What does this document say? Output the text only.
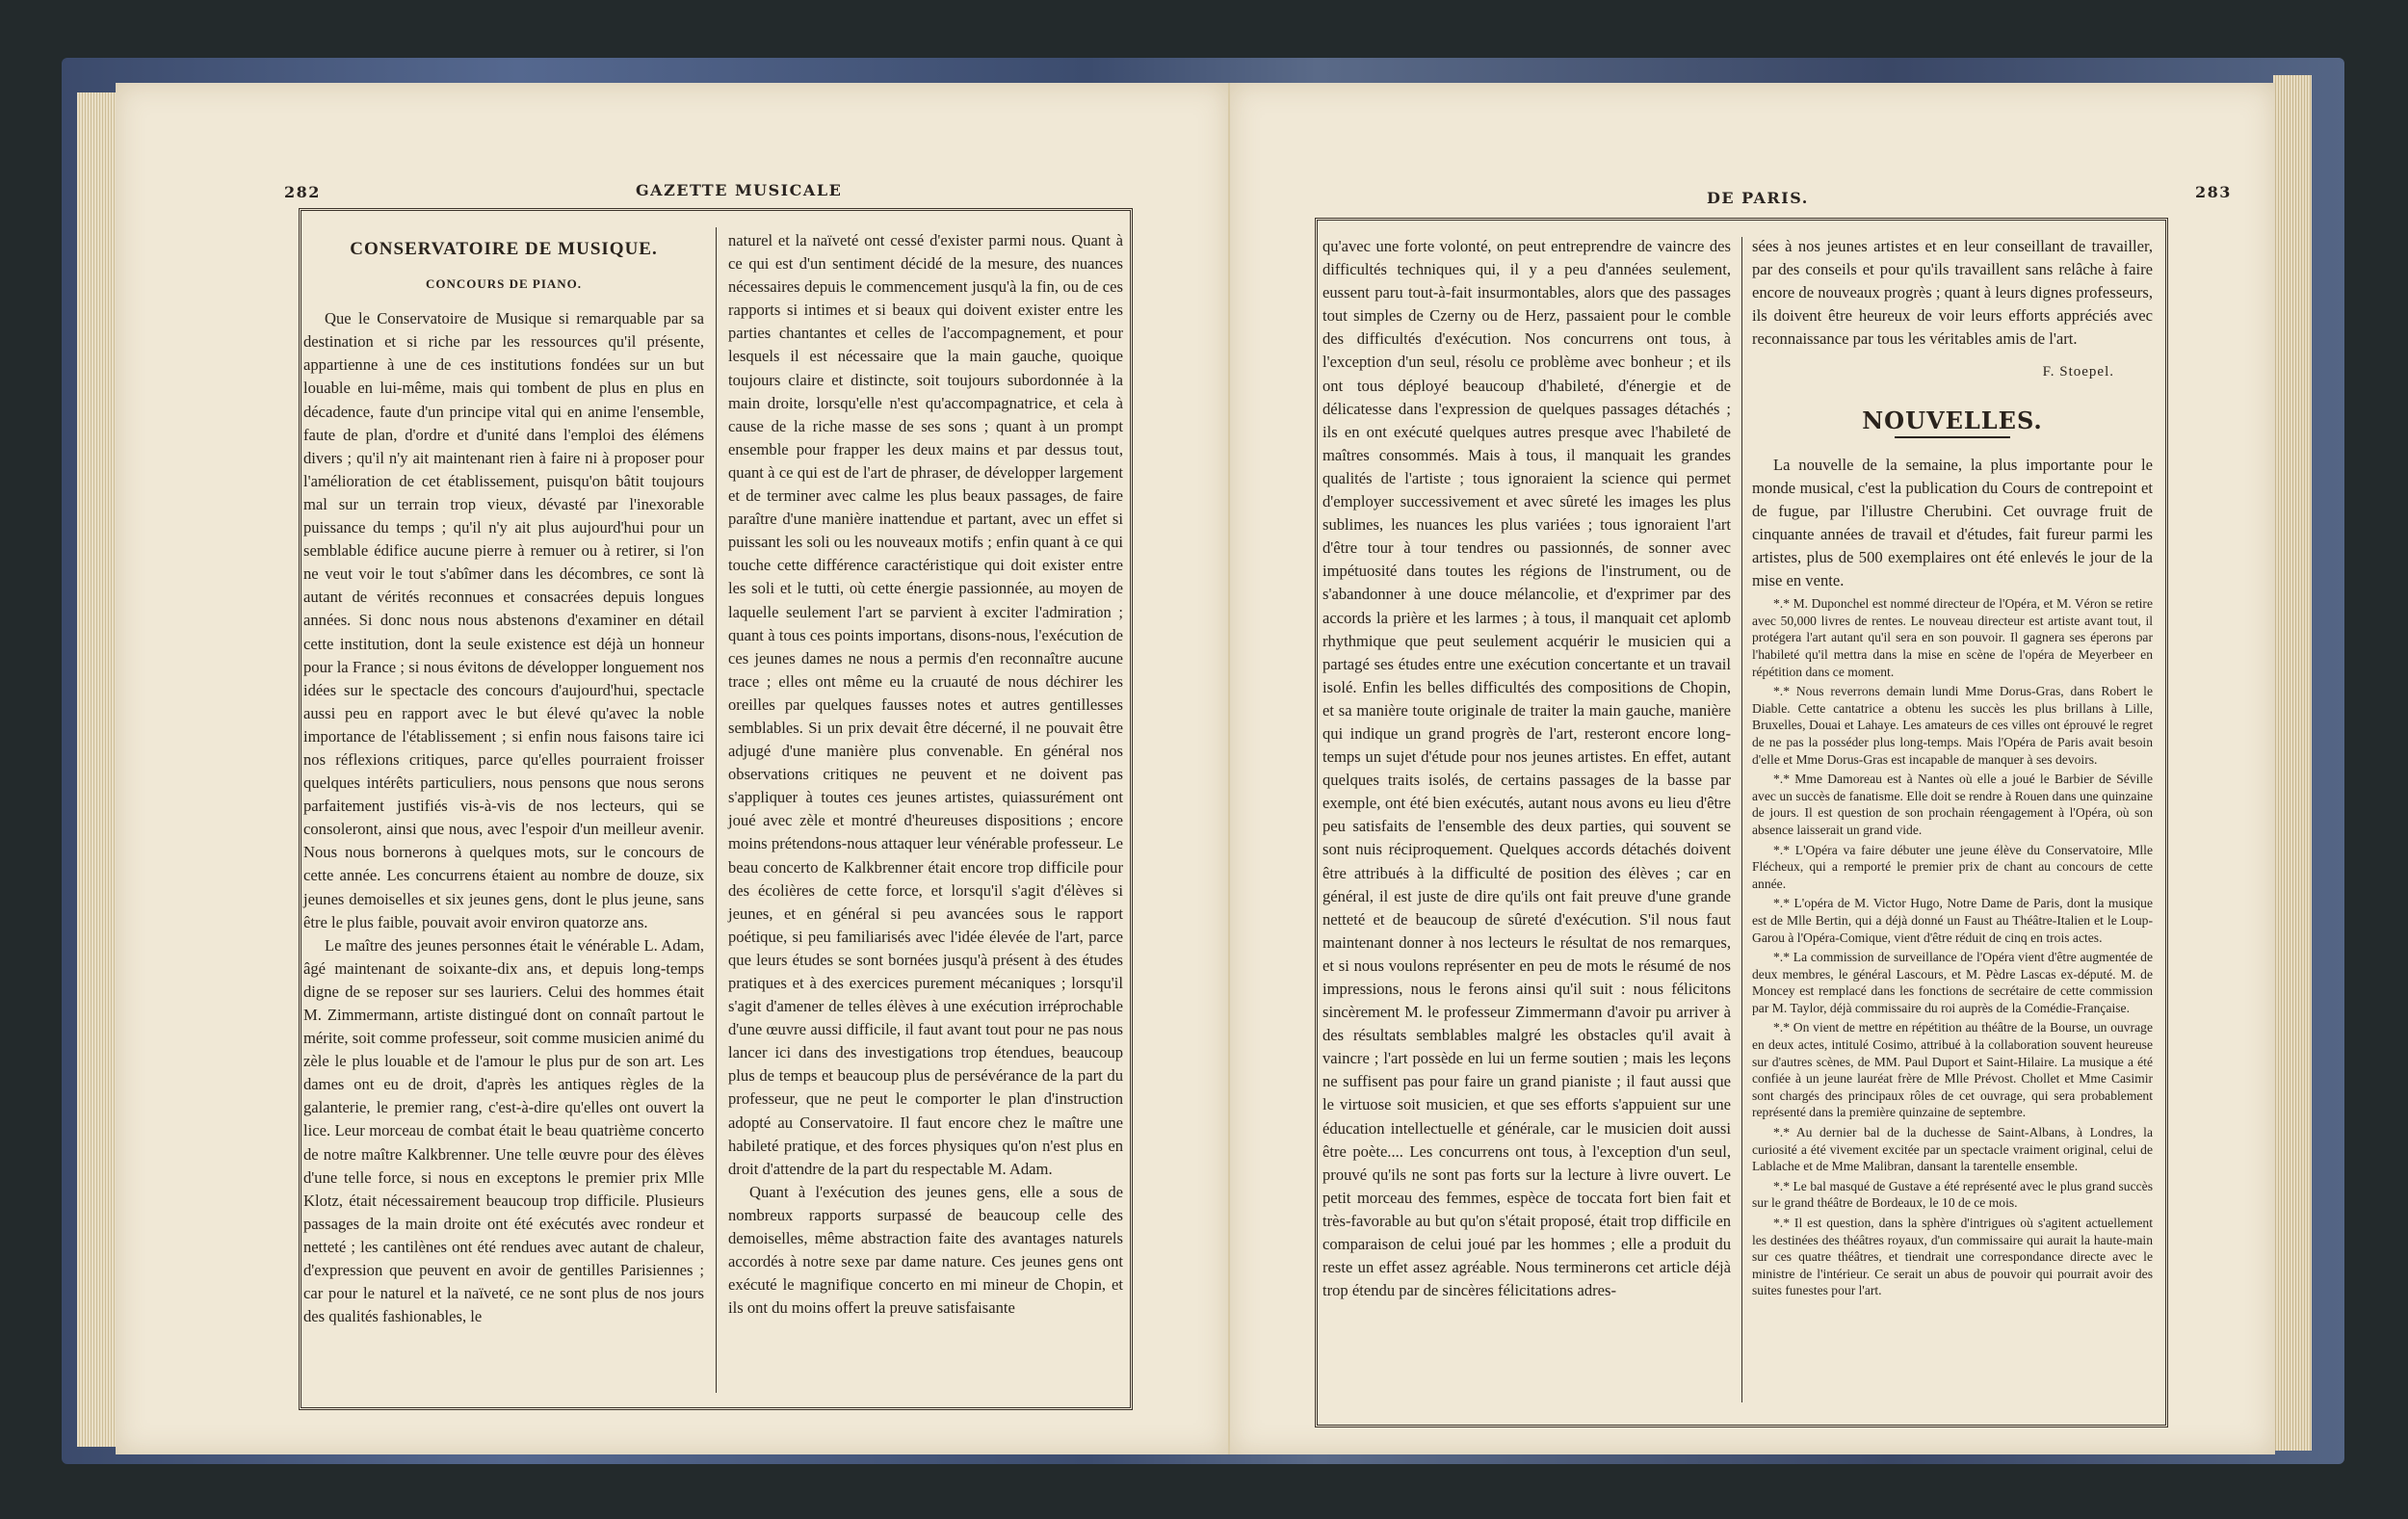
282	GAZETTE MUSICALE
CONSERVATOIRE DE MUSIQUE.
CONCOURS DE PIANO.

Que le Conservatoire de Musique si remarquable par sa destination et si riche par les ressources qu'il présente, appartienne à une de ces institutions fondées sur un but louable en lui-même, mais qui tombent de plus en plus en décadence, faute d'un principe vital qui en anime l'ensemble, faute de plan, d'ordre et d'unité dans l'emploi des élémens divers ; qu'il n'y ait maintenant rien à faire ni à proposer pour l'amélioration de cet établissement, puisqu'on bâtit toujours mal sur un terrain trop vieux, dévasté par l'inexorable puissance du temps ; qu'il n'y ait plus aujourd'hui pour un semblable édifice aucune pierre à remuer ou à retirer, si l'on ne veut voir le tout s'abîmer dans les décombres, ce sont là autant de vérités reconnues et consacrées depuis longues années. Si donc nous nous abstenons d'examiner en détail cette institution, dont la seule existence est déjà un honneur pour la France ; si nous évitons de développer longuement nos idées sur le spectacle des concours d'aujourd'hui, spectacle aussi peu en rapport avec le but élevé qu'avec la noble importance de l'établissement ; si enfin nous faisons taire ici nos réflexions critiques, parce qu'elles pourraient froisser quelques intérêts particuliers, nous pensons que nous serons parfaitement justifiés vis-à-vis de nos lecteurs, qui se consoleront, ainsi que nous, avec l'espoir d'un meilleur avenir. Nous nous bornerons à quelques mots, sur le concours de cette année. Les concurrens étaient au nombre de douze, six jeunes demoiselles et six jeunes gens, dont le plus jeune, sans être le plus faible, pouvait avoir environ quatorze ans.

Le maître des jeunes personnes était le vénérable L. Adam, âgé maintenant de soixante-dix ans, et depuis long-temps digne de se reposer sur ses lauriers. Celui des hommes était M. Zimmermann, artiste distingué dont on connaît partout le mérite, soit comme professeur, soit comme musicien animé du zèle le plus louable et de l'amour le plus pur de son art. Les dames ont eu de droit, d'après les antiques règles de la galanterie, le premier rang, c'est-à-dire qu'elles ont ouvert la lice. Leur morceau de combat était le beau quatrième concerto de notre maître Kalkbrenner. Une telle œuvre pour des élèves d'une telle force, si nous en exceptons le premier prix Mlle Klotz, était nécessairement beaucoup trop difficile. Plusieurs passages de la main droite ont été exécutés avec rondeur et netteté ; les cantilènes ont été rendues avec autant de chaleur, d'expression que peuvent en avoir de gentilles Parisiennes ; car pour le naturel et la naïveté, ce ne sont plus de nos jours des qualités fashionables, le

naturel et la naïveté ont cessé d'exister parmi nous. Quant à ce qui est d'un sentiment décidé de la mesure, des nuances nécessaires depuis le commencement jusqu'à la fin, ou de ces rapports si intimes et si beaux qui doivent exister entre les parties chantantes et celles de l'accompagnement, et pour lesquels il est nécessaire que la main gauche, quoique toujours claire et distincte, soit toujours subordonnée à la main droite, lorsqu'elle n'est qu'accompagnatrice, et cela à cause de la riche masse de ses sons ; quant à un prompt ensemble pour frapper les deux mains et par dessus tout, quant à ce qui est de l'art de phraser, de développer largement et de terminer avec calme les plus beaux passages, de faire paraître d'une manière inattendue et partant, avec un effet si puissant les soli ou les nouveaux motifs ; enfin quant à ce qui touche cette différence caractéristique qui doit exister entre les soli et le tutti, où cette énergie passionnée, au moyen de laquelle seulement l'art se parvient à exciter l'admiration ; quant à tous ces points importans, disons-nous, l'exécution de ces jeunes dames ne nous a permis d'en reconnaître aucune trace ; elles ont même eu la cruauté de nous déchirer les oreilles par quelques fausses notes et autres gentillesses semblables. Si un prix devait être décerné, il ne pouvait être adjugé d'une manière plus convenable. En général nos observations critiques ne peuvent et ne doivent pas s'appliquer à toutes ces jeunes artistes, quiassurément ont joué avec zèle et montré d'heureuses dispositions ; encore moins prétendons-nous attaquer leur vénérable professeur. Le beau concerto de Kalkbrenner était encore trop difficile pour des écolières de cette force, et lorsqu'il s'agit d'élèves si jeunes, et en général si peu avancées sous le rapport poétique, si peu familiarisés avec l'idée élevée de l'art, parce que leurs études se sont bornées jusqu'à présent à des études pratiques et à des exercices purement mécaniques ; lorsqu'il s'agit d'amener de telles élèves à une exécution irréprochable d'une œuvre aussi difficile, il faut avant tout pour ne pas nous lancer ici dans des investigations trop étendues, beaucoup plus de temps et beaucoup plus de persévérance de la part du professeur, que ne peut le comporter le plan d'instruction adopté au Conservatoire. Il faut encore chez le maître une habileté pratique, et des forces physiques qu'on n'est plus en droit d'attendre de la part du respectable M. Adam.

Quant à l'exécution des jeunes gens, elle a sous de nombreux rapports surpassé de beaucoup celle des demoiselles, même abstraction faite des avantages naturels accordés à notre sexe par dame nature. Ces jeunes gens ont exécuté le magnifique concerto en mi mineur de Chopin, et ils ont du moins offert la preuve satisfaisante

DE PARIS.	283

qu'avec une forte volonté, on peut entreprendre de vaincre des difficultés techniques qui, il y a peu d'années seulement, eussent paru tout-à-fait insurmontables, alors que des passages tout simples de Czerny ou de Herz, passaient pour le comble des difficultés d'exécution. Nos concurrens ont tous, à l'exception d'un seul, résolu ce problème avec bonheur ; et ils ont tous déployé beaucoup d'habileté, d'énergie et de délicatesse dans l'expression de quelques passages détachés ; ils en ont exécuté quelques autres presque avec l'habileté de maîtres consommés. Mais à tous, il manquait les grandes qualités de l'artiste ; tous ignoraient la science qui permet d'employer successivement et avec sûreté les images les plus sublimes, les nuances les plus variées ; tous ignoraient l'art d'être tour à tour tendres ou passionnés, de sonner avec impétuosité dans toutes les régions de l'instrument, ou de s'abandonner à une douce mélancolie, et d'exprimer par des accords la prière et les larmes ; à tous, il manquait cet aplomb rhythmique que peut seulement acquérir le musicien qui a partagé ses études entre une exécution concertante et un travail isolé. Enfin les belles difficultés des compositions de Chopin, et sa manière toute originale de traiter la main gauche, manière qui indique un grand progrès de l'art, resteront encore long-temps un sujet d'étude pour nos jeunes artistes. En effet, autant quelques traits isolés, de certains passages de la basse par exemple, ont été bien exécutés, autant nous avons eu lieu d'être peu satisfaits de l'ensemble des deux parties, qui souvent se sont nuis réciproquement. Quelques accords détachés doivent être attribués à la difficulté de position des élèves ; car en général, il est juste de dire qu'ils ont fait preuve d'une grande netteté et de beaucoup de sûreté d'exécution. S'il nous faut maintenant donner à nos lecteurs le résultat de nos remarques, et si nous voulons représenter en peu de mots le résumé de nos impressions, nous le ferons ainsi qu'il suit : nous félicitons sincèrement M. le professeur Zimmermann d'avoir pu arriver à des résultats semblables malgré les obstacles qu'il avait à vaincre ; l'art possède en lui un ferme soutien ; mais les leçons ne suffisent pas pour faire un grand pianiste ; il faut aussi que le virtuose soit musicien, et que ses efforts s'appuient sur une éducation intellectuelle et générale, car le musicien doit aussi être poète.... Les concurrens ont tous, à l'exception d'un seul, prouvé qu'ils ne sont pas forts sur la lecture à livre ouvert. Le petit morceau des femmes, espèce de toccata fort bien fait et très-favorable au but qu'on s'était proposé, était trop difficile en comparaison de celui joué par les hommes ; elle a produit du reste un effet assez agréable. Nous terminerons cet article déjà trop étendu par de sincères félicitations adres-

sées à nos jeunes artistes et en leur conseillant de travailler, par des conseils et pour qu'ils travaillent sans relâche à faire encore de nouveaux progrès ; quant à leurs dignes professeurs, ils doivent être heureux de voir leurs efforts appréciés avec reconnaissance par tous les véritables amis de l'art.

F. Stoepel.
NOUVELLES.

La nouvelle de la semaine, la plus importante pour le monde musical, c'est la publication du Cours de contrepoint et de fugue, par l'illustre Cherubini. Cet ouvrage fruit de cinquante années de travail et d'études, fait fureur parmi les artistes, plus de 500 exemplaires ont été enlevés le jour de la mise en vente.

*.* M. Duponchel est nommé directeur de l'Opéra, et M. Véron se retire avec 50,000 livres de rentes. Le nouveau directeur est artiste avant tout, il protégera l'art autant qu'il sera en son pouvoir. Il gagnera ses éperons par l'habileté qu'il mettra dans la mise en scène de l'opéra de Meyerbeer en répétition dans ce moment.

*.* Nous reverrons demain lundi Mme Dorus-Gras, dans Robert le Diable. Cette cantatrice a obtenu les succès les plus brillans à Lille, Bruxelles, Douai et Lahaye. Les amateurs de ces villes ont éprouvé le regret de ne pas la posséder plus long-temps. Mais l'Opéra de Paris avait besoin d'elle et Mme Dorus-Gras est incapable de manquer à ses devoirs.

*.* Mme Damoreau est à Nantes où elle a joué le Barbier de Séville avec un succès de fanatisme. Elle doit se rendre à Rouen dans une quinzaine de jours. Il est question de son prochain réengagement à l'Opéra, où son absence laisserait un grand vide.

*.* L'Opéra va faire débuter une jeune élève du Conservatoire, Mlle Flécheux, qui a remporté le premier prix de chant au concours de cette année.

*.* L'opéra de M. Victor Hugo, Notre Dame de Paris, dont la musique est de Mlle Bertin, qui a déjà donné un Faust au Théâtre-Italien et le Loup-Garou à l'Opéra-Comique, vient d'être réduit de cinq en trois actes.

*.* La commission de surveillance de l'Opéra vient d'être augmentée de deux membres, le général Lascours, et M. Pèdre Lascas ex-député. M. de Moncey est remplacé dans les fonctions de secrétaire de cette commission par M. Taylor, déjà commissaire du roi auprès de la Comédie-Française.

*.* On vient de mettre en répétition au théâtre de la Bourse, un ouvrage en deux actes, intitulé Cosimo, attribué à la collaboration souvent heureuse sur d'autres scènes, de MM. Paul Duport et Saint-Hilaire. La musique a été confiée à un jeune lauréat frère de Mlle Prévost. Chollet et Mme Casimir sont chargés des principaux rôles de cet ouvrage, qui sera probablement représenté dans la première quinzaine de septembre.

*.* Au dernier bal de la duchesse de Saint-Albans, à Londres, la curiosité a été vivement excitée par un spectacle vraiment original, celui de Lablache et de Mme Malibran, dansant la tarentelle ensemble.

*.* Le bal masqué de Gustave a été représenté avec le plus grand succès sur le grand théâtre de Bordeaux, le 10 de ce mois.

*.* Il est question, dans la sphère d'intrigues où s'agitent actuellement les destinées des théâtres royaux, d'un commissaire qui aurait la haute-main sur ces quatre théâtres, et tiendrait une correspondance directe avec le ministre de l'intérieur. Ce serait un abus de pouvoir qui pourrait avoir des suites funestes pour l'art.
